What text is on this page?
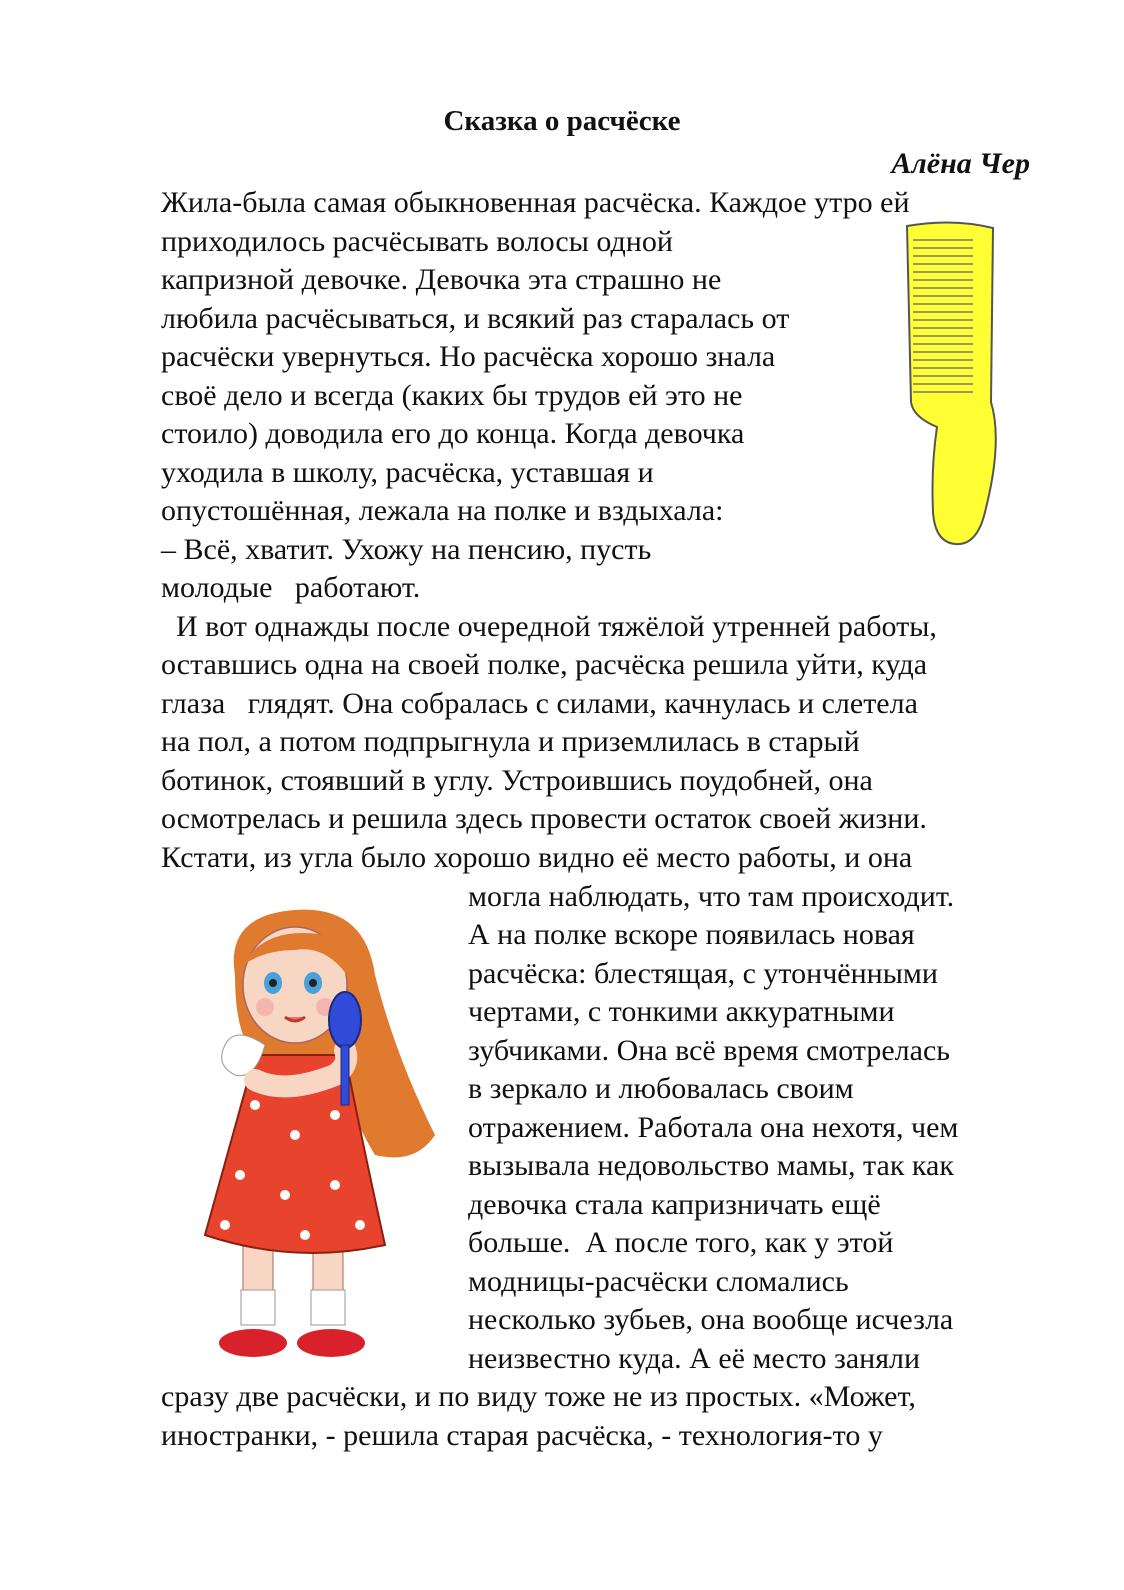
Сказка о расчёске
Алёна Чер
Жила-была самая обыкновенная расчёска. Каждое утро ей
приходилось расчёсывать волосы одной
капризной девочке. Девочка эта страшно не
любила расчёсываться, и всякий раз старалась от
расчёски увернуться. Но расчёска хорошо знала
своё дело и всегда (каких бы трудов ей это не
стоило) доводила его до конца. Когда девочка
уходила в школу, расчёска, уставшая и
опустошённая, лежала на полке и вздыхала:
– Всё, хватит. Ухожу на пенсию, пусть
молодые   работают.
И вот однажды после очередной тяжёлой утренней работы,
оставшись одна на своей полке, расчёска решила уйти, куда
глаза   глядят. Она собралась с силами, качнулась и слетела
на пол, а потом подпрыгнула и приземлилась в старый
ботинок, стоявший в углу. Устроившись поудобней, она
осмотрелась и решила здесь провести остаток своей жизни.
Кстати, из угла было хорошо видно её место работы, и она
могла наблюдать, что там происходит.
А на полке вскоре появилась новая
расчёска: блестящая, с утончёнными
чертами, с тонкими аккуратными
зубчиками. Она всё время смотрелась
в зеркало и любовалась своим
отражением. Работала она нехотя, чем
вызывала недовольство мамы, так как
девочка стала капризничать ещё
больше.  А после того, как у этой
модницы-расчёски сломались
несколько зубьев, она вообще исчезла
неизвестно куда. А её место заняли
сразу две расчёски, и по виду тоже не из простых. «Может,
иностранки, - решила старая расчёска, - технология-то у
